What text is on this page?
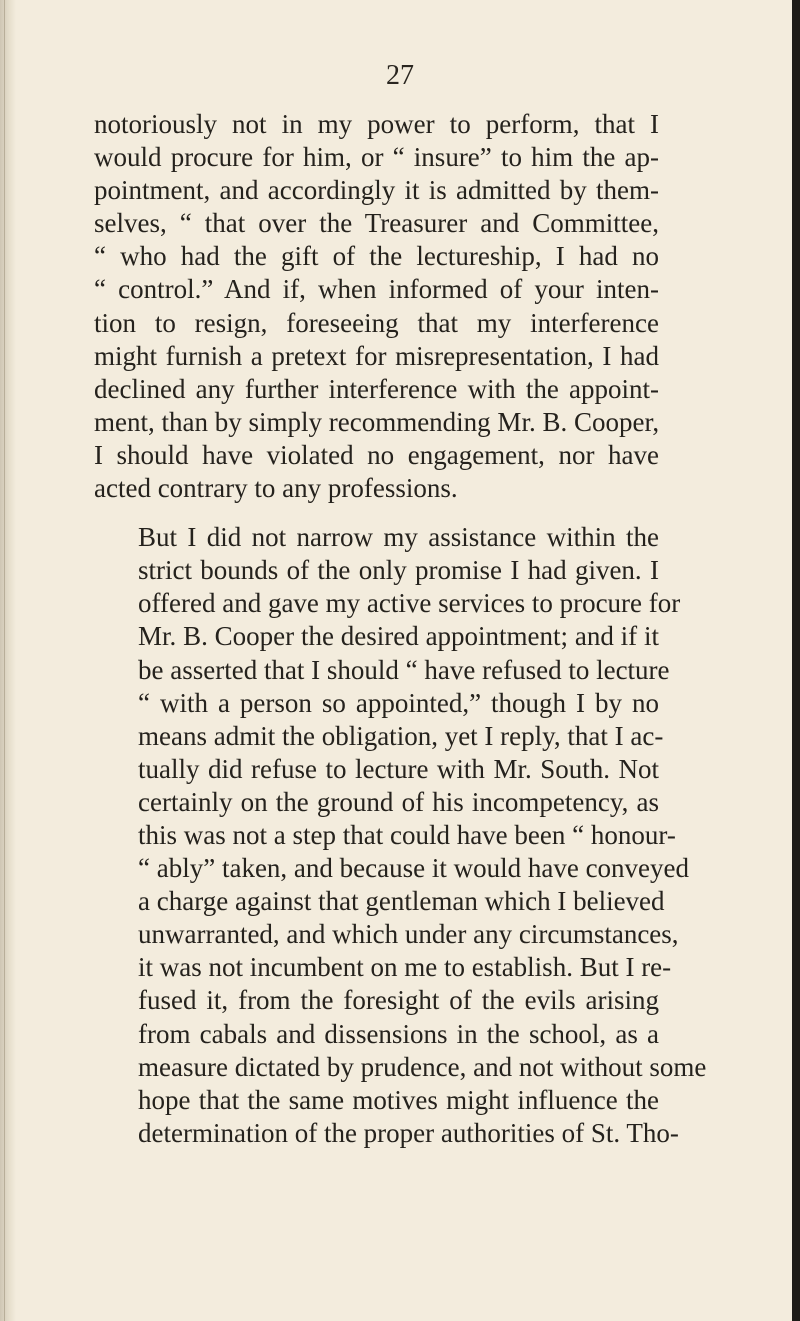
27

notoriously not in my power to perform, that I
would procure for him, or “ insure” to him the ap-
pointment, and accordingly it is admitted by them-
selves, “ that over the Treasurer and Committee,
“ who had the gift of the lectureship, I had no
“ control.” And if, when informed of your inten-
tion to resign, foreseeing that my interference
might furnish a pretext for misrepresentation, I had
declined any further interference with the appoint-
ment, than by simply recommending Mr. B. Cooper,
I should have violated no engagement, nor have
acted contrary to any professions.

But I did not narrow my assistance within the
strict bounds of the only promise I had given. I
offered and gave my active services to procure for
Mr. B. Cooper the desired appointment; and if it
be asserted that I should “ have refused to lecture
“ with a person so appointed,” though I by no
means admit the obligation, yet I reply, that I ac-
tually did refuse to lecture with Mr. South. Not
certainly on the ground of his incompetency, as
this was not a step that could have been “ honour-
“ ably” taken, and because it would have conveyed
a charge against that gentleman which I believed
unwarranted, and which under any circumstances,
it was not incumbent on me to establish. But I re-
fused it, from the foresight of the evils arising
from cabals and dissensions in the school, as a
measure dictated by prudence, and not without some
hope that the same motives might influence the
determination of the proper authorities of St. Tho-
